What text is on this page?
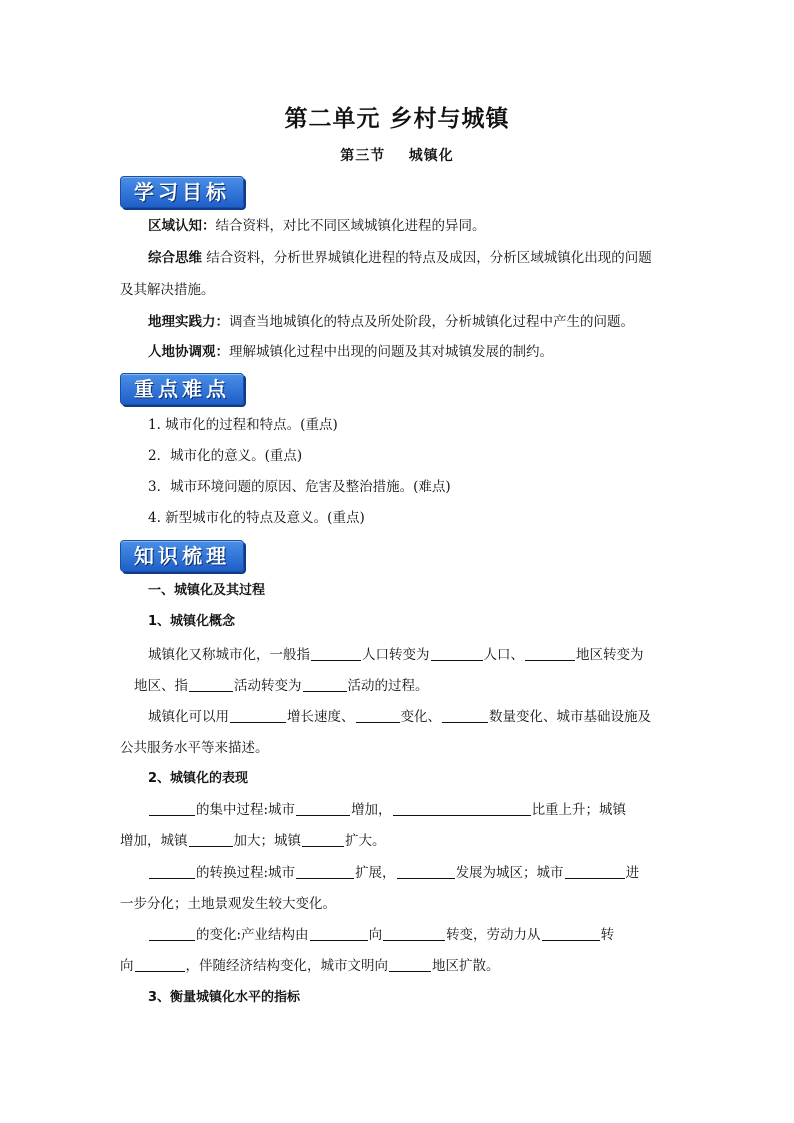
第二单元 乡村与城镇
第三节    城镇化
学习目标
区域认知：结合资料，对比不同区域城镇化进程的异同。
综合思维 结合资料，分析世界城镇化进程的特点及成因，分析区域城镇化出现的问题
及其解决措施。
地理实践力：调查当地城镇化的特点及所处阶段，分析城镇化过程中产生的问题。
人地协调观：理解城镇化过程中出现的问题及其对城镇发展的制约。
重点难点
1. 城市化的过程和特点。(重点)
2．城市化的意义。(重点)
3．城市环境问题的原因、危害及整治措施。(难点)
4. 新型城市化的特点及意义。(重点)
知识梳理
一、城镇化及其过程
1、城镇化概念
城镇化又称城市化，一般指	人口转变为	人口、	地区转变为
地区、指	活动转变为	活动的过程。
城镇化可以用	增长速度、	变化、	数量变化、城市基础设施及
公共服务水平等来描述。
2、城镇化的表现
的集中过程:城市	增加，	比重上升；城镇
增加，城镇	加大；城镇	扩大。
的转换过程:城市	扩展，	发展为城区；城市	进
一步分化；土地景观发生较大变化。
的变化:产业结构由	向	转变，劳动力从	转
向	，伴随经济结构变化，城市文明向	地区扩散。
3、衡量城镇化水平的指标
